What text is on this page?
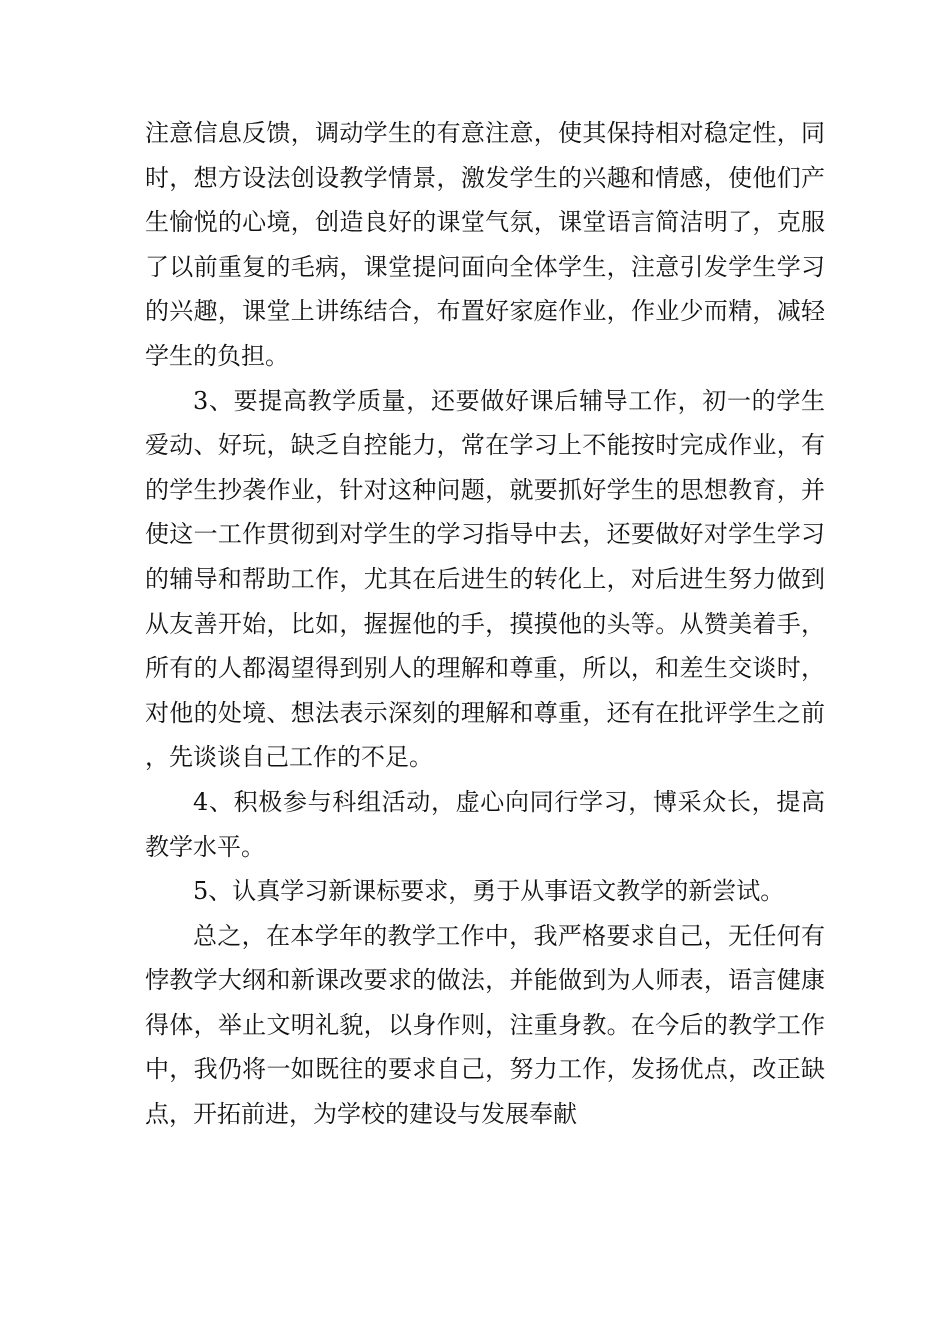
注意信息反馈，调动学生的有意注意，使其保持相对稳定性，同时，想方设法创设教学情景，激发学生的兴趣和情感，使他们产生愉悦的心境，创造良好的课堂气氛，课堂语言简洁明了，克服了以前重复的毛病，课堂提问面向全体学生，注意引发学生学习的兴趣，课堂上讲练结合，布置好家庭作业，作业少而精，减轻学生的负担。

3、要提高教学质量，还要做好课后辅导工作，初一的学生爱动、好玩，缺乏自控能力，常在学习上不能按时完成作业，有的学生抄袭作业，针对这种问题，就要抓好学生的思想教育，并使这一工作贯彻到对学生的学习指导中去，还要做好对学生学习的辅导和帮助工作，尤其在后进生的转化上，对后进生努力做到从友善开始，比如，握握他的手，摸摸他的头等。从赞美着手，所有的人都渴望得到别人的理解和尊重，所以，和差生交谈时，对他的处境、想法表示深刻的理解和尊重，还有在批评学生之前，先谈谈自己工作的不足。

4、积极参与科组活动，虚心向同行学习，博采众长，提高教学水平。

5、认真学习新课标要求，勇于从事语文教学的新尝试。

总之，在本学年的教学工作中，我严格要求自己，无任何有悖教学大纲和新课改要求的做法，并能做到为人师表，语言健康得体，举止文明礼貌，以身作则，注重身教。在今后的教学工作中，我仍将一如既往的要求自己，努力工作，发扬优点，改正缺点，开拓前进，为学校的建设与发展奉献
